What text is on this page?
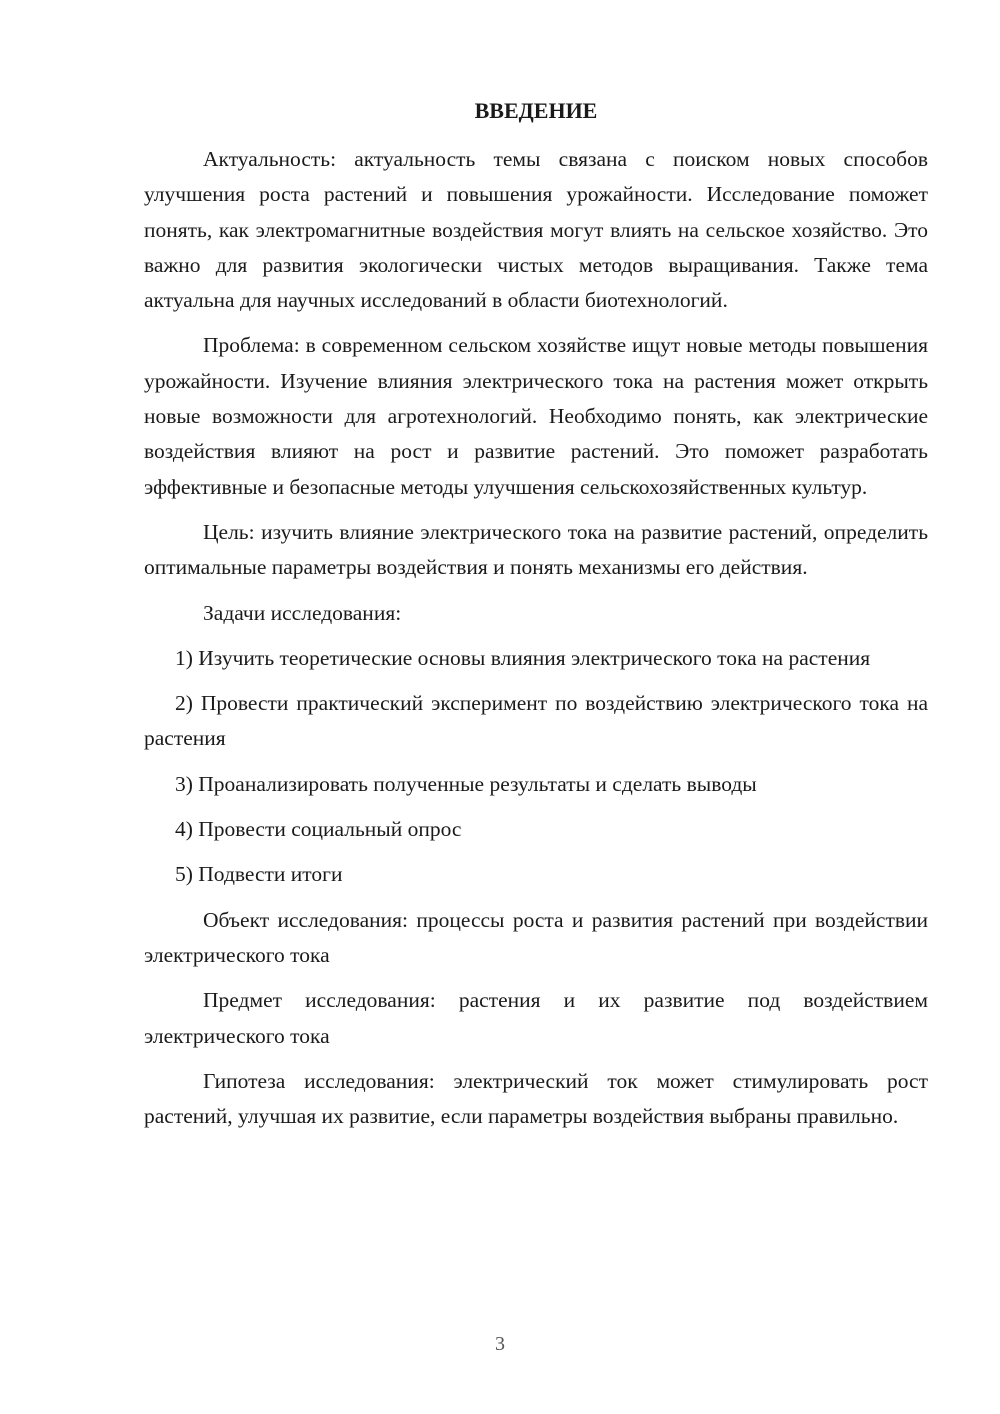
ВВЕДЕНИЕ

Актуальность: актуальность темы связана с поиском новых способов улучшения роста растений и повышения урожайности. Исследование поможет понять, как электромагнитные воздействия могут влиять на сельское хозяйство. Это важно для развития экологически чистых методов выращивания. Также тема актуальна для научных исследований в области биотехнологий.

Проблема: в современном сельском хозяйстве ищут новые методы повышения урожайности. Изучение влияния электрического тока на растения может открыть новые возможности для агротехнологий. Необходимо понять, как электрические воздействия влияют на рост и развитие растений. Это поможет разработать эффективные и безопасные методы улучшения сельскохозяйственных культур.

Цель: изучить влияние электрического тока на развитие растений, определить оптимальные параметры воздействия и понять механизмы его действия.

Задачи исследования:

1) Изучить теоретические основы влияния электрического тока на растения

2) Провести практический эксперимент по воздействию электрического тока на растения

3) Проанализировать полученные результаты и сделать выводы

4) Провести социальный опрос

5) Подвести итоги

Объект исследования: процессы роста и развития растений при воздействии электрического тока

Предмет исследования: растения и их развитие под воздействием электрического тока

Гипотеза исследования: электрический ток может стимулировать рост растений, улучшая их развитие, если параметры воздействия выбраны правильно.

3
